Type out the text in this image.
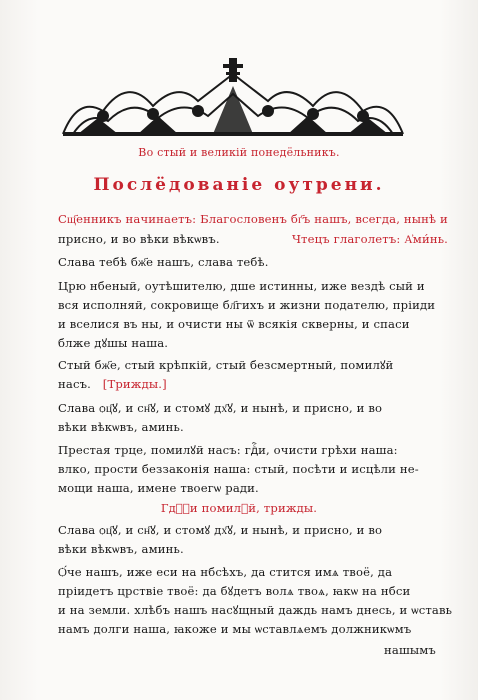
Во стый и великій понедёльникъ.
Послёдованіе оутрени.
Сщ҃енникъ начинаетъ: Благословенъ бг҃ъ нашъ, всегда, нынѣ и
присно, и во вѣки вѣкѡвъ.	Чтецъ глаголетъ: А҆ми́нь.
Слава тебѣ бж҃е нашъ, слава тебѣ.
Црю нбеный, оутѣшителю, дше истинны, иже вездѣ сый и
вся исполняй, сокровище бл҃гихъ и жизни подателю, пріиди
и вселися въ ны, и очисти ны ѿ всякія скверны, и спаси
блже дꙋшы наша.
Стый бж҃е, стый крѣпкій, стый безсмертный, помилꙋй
насъ. [Трижды.]
Слава ѻц҃ꙋ, и сн҃ꙋ, и стомꙋ дх҃ꙋ, и нынѣ, и присно, и во
вѣки вѣкѡвъ, аминь.
Престая трце, помилꙋй насъ: гдⷭ҇и, очисти грѣхи наша:
влко, прости беззаконія наша: стый, посѣти и исцѣли не-
мощи наша, имене твоегѡ ради.
Гдⷭ҇и помилꙋй, трижды.
Слава ѻц҃ꙋ, и сн҃ꙋ, и стомꙋ дх҃ꙋ, и нынѣ, и присно, и во
вѣки вѣкѡвъ, аминь.
Ѻ́че нашъ, иже еси на нбсѣхъ, да стится имѧ твоё, да
пріидетъ црствіе твоё: да бꙋдетъ волѧ твоѧ, ꙗкѡ на нбси
и на земли. хлѣбъ нашъ насꙋщный даждь намъ днесь, и ѡставь
намъ долги наша, ꙗкоже и мы ѡставлѧемъ должникѡмъ
нашымъ
